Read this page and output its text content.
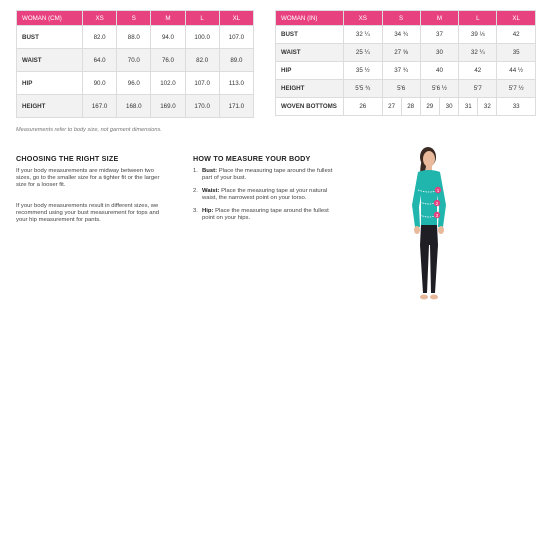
WOMAN (CM)	XS	S	M	L	XL
BUST	82.0	88.0	94.0	100.0	107.0
WAIST	64.0	70.0	76.0	82.0	89.0
HIP	90.0	96.0	102.0	107.0	113.0
HEIGHT	167.0	168.0	169.0	170.0	171.0
WOMAN (IN)	XS	S		M		L		XL
BUST	32 ¼	34 ¾		37		39 ⅓		42
WAIST	25 ¼	27 ⅝		30		32 ¼		35
HIP	35 ½	37 ¾		40		42		44 ½
HEIGHT	5'5 ¾	5'6		5'6 ½		5'7		5'7 ½
WOVEN BOTTOMS	26	27	28	29	30	31	32	33
Measurements refer to body size, not garment dimensions.
CHOOSING THE RIGHT SIZE
If your body measurements are midway between two sizes, go to the smaller size for a tighter fit or the larger size for a looser fit.
If your body measurements result in different sizes, we recommend using your bust measurement for tops and your hip measurement for pants.
HOW TO MEASURE YOUR BODY
1. Bust: Place the measuring tape around the fullest part of your bust.
2. Waist: Place the measuring tape at your natural waist, the narrowest point on your torso.
3. Hip: Place the measuring tape around the fullest point on your hips.
1
2
3
